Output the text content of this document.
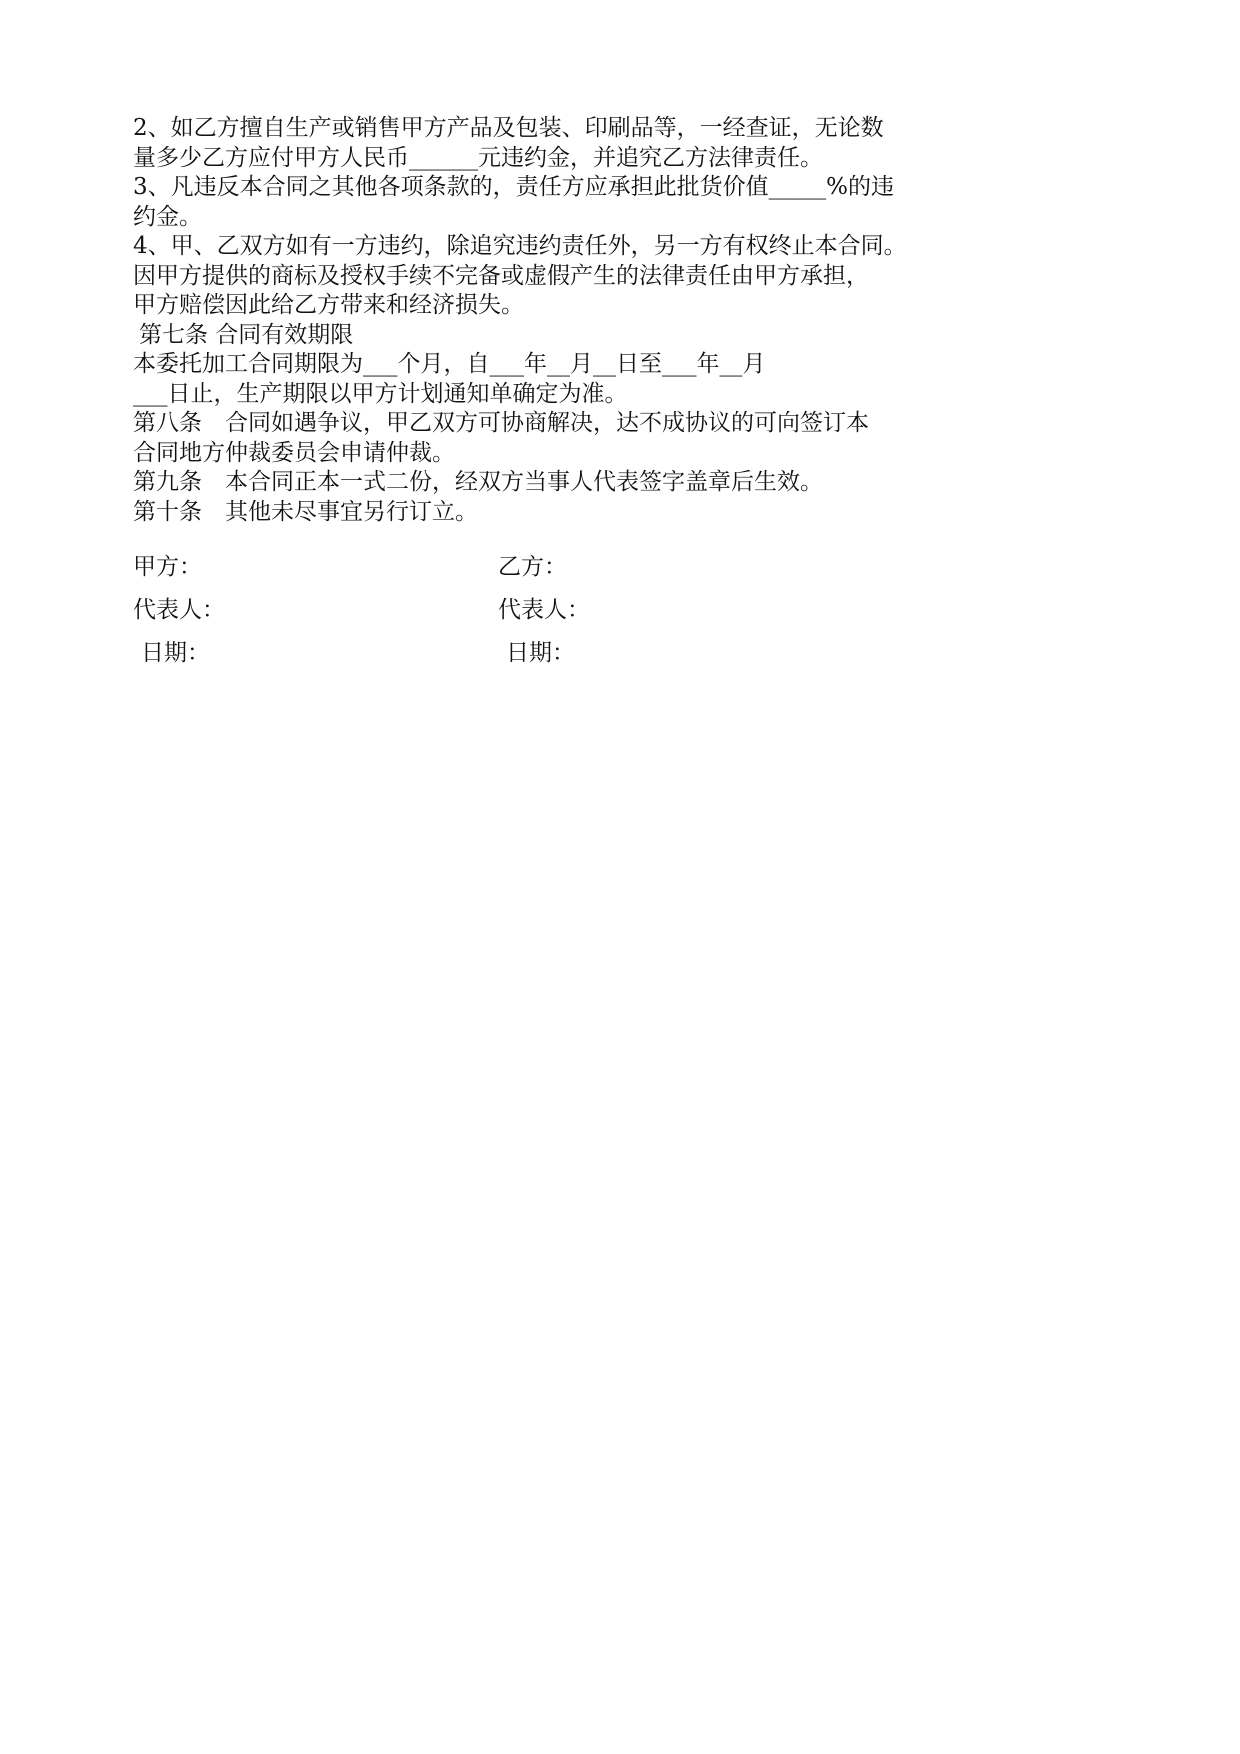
2、如乙方擅自生产或销售甲方产品及包装、印刷品等，一经查证，无论数
量多少乙方应付甲方人民币______元违约金，并追究乙方法律责任。
3、凡违反本合同之其他各项条款的，责任方应承担此批货价值_____%的违
约金。
4、甲、乙双方如有一方违约，除追究违约责任外，另一方有权终止本合同。
因甲方提供的商标及授权手续不完备或虚假产生的法律责任由甲方承担，
甲方赔偿因此给乙方带来和经济损失。
第七条 合同有效期限
本委托加工合同期限为___个月，自___年__月__日至___年__月
___日止，生产期限以甲方计划通知单确定为准。
第八条　合同如遇争议，甲乙双方可协商解决，达不成协议的可向签订本
合同地方仲裁委员会申请仲裁。
第九条　本合同正本一式二份，经双方当事人代表签字盖章后生效。
第十条　其他未尽事宜另行订立。
甲方：	乙方：
代表人：	代表人：
日期：	日期：
